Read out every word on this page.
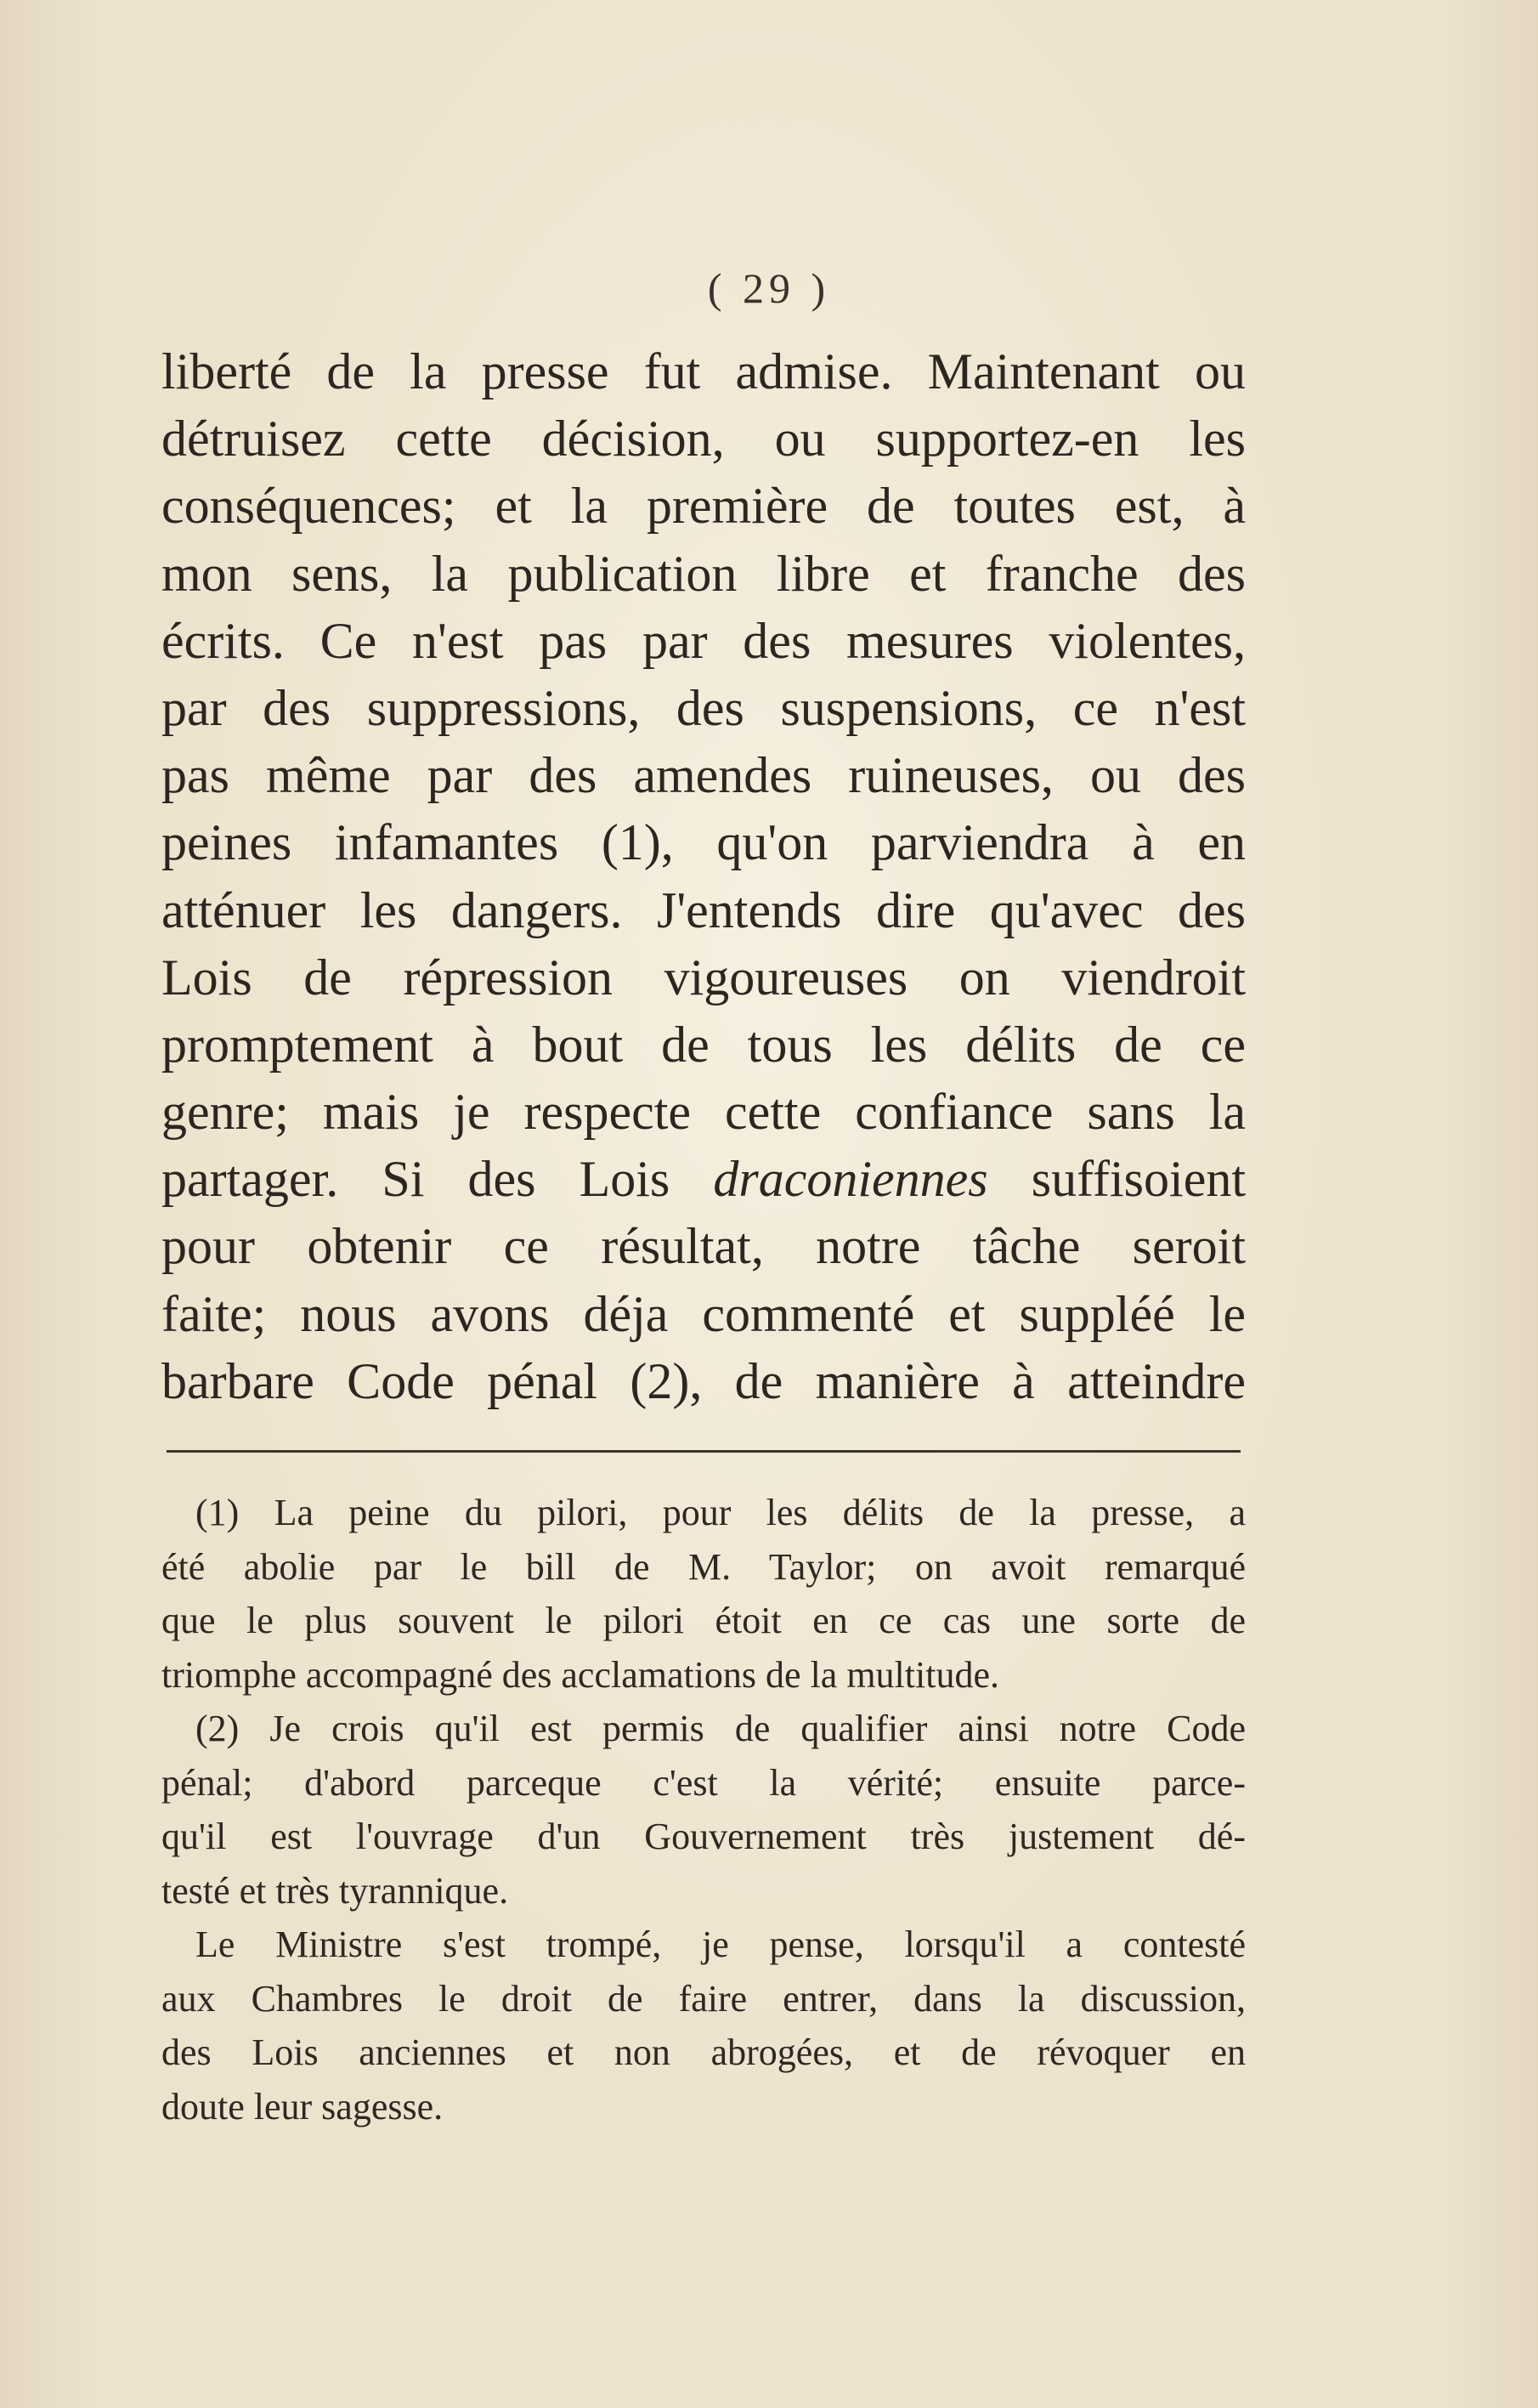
( 29 )
liberté de la presse fut admise. Maintenant ou
détruisez cette décision, ou supportez-en les
conséquences; et la première de toutes est, à
mon sens, la publication libre et franche des
écrits. Ce n'est pas par des mesures violentes,
par des suppressions, des suspensions, ce n'est
pas même par des amendes ruineuses, ou des
peines infamantes (1), qu'on parviendra à en
atténuer les dangers. J'entends dire qu'avec des
Lois de répression vigoureuses on viendroit
promptement à bout de tous les délits de ce
genre; mais je respecte cette confiance sans la
partager. Si des Lois draconiennes suffisoient
pour obtenir ce résultat, notre tâche seroit
faite; nous avons déja commenté et suppléé le
barbare Code pénal (2), de manière à atteindre
(1) La peine du pilori, pour les délits de la presse, a
été abolie par le bill de M. Taylor; on avoit remarqué
que le plus souvent le pilori étoit en ce cas une sorte de
triomphe accompagné des acclamations de la multitude.
(2) Je crois qu'il est permis de qualifier ainsi notre Code
pénal; d'abord parceque c'est la vérité; ensuite parce-
qu'il est l'ouvrage d'un Gouvernement très justement dé-
testé et très tyrannique.
Le Ministre s'est trompé, je pense, lorsqu'il a contesté
aux Chambres le droit de faire entrer, dans la discussion,
des Lois anciennes et non abrogées, et de révoquer en
doute leur sagesse.
